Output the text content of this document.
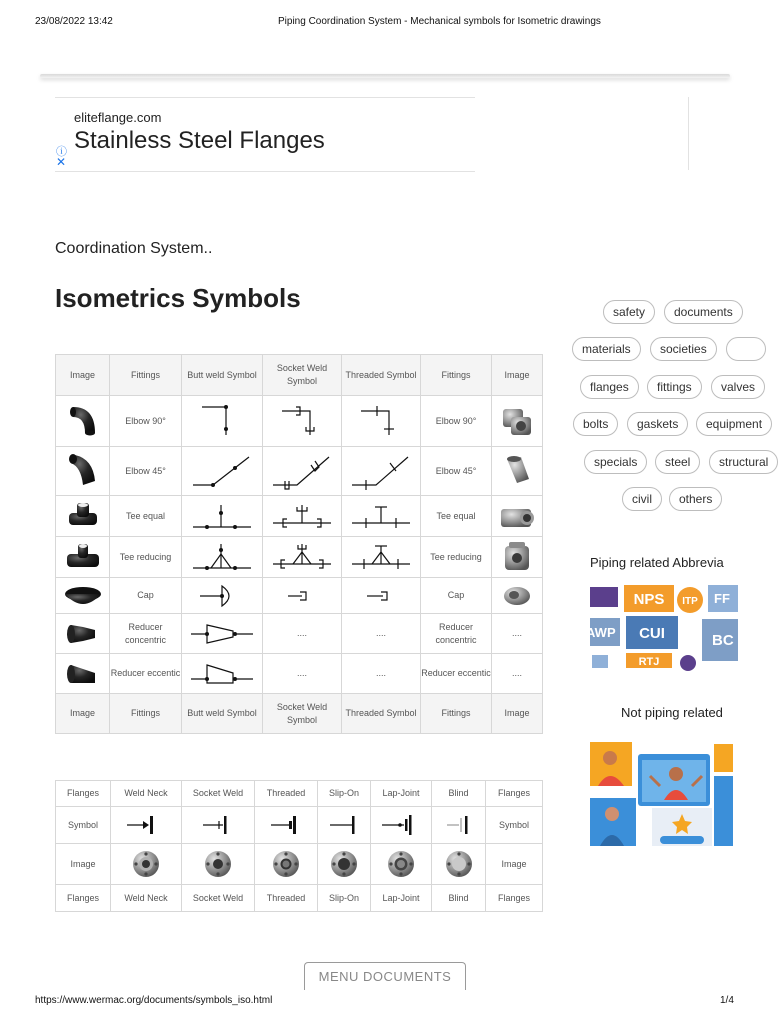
23/08/2022 13:42	Piping Coordination System - Mechanical symbols for Isometric drawings
https://www.wermac.org/documents/symbols_iso.html	1/4
eliteflange.com
Stainless Steel Flanges
ⓘ
✕
Coordination System..
Isometrics Symbols
Image	Fittings	Butt weld Symbol	Socket Weld Symbol	Threaded Symbol	Fittings	Image

	Elbow 90°				Elbow 90°	

	Elbow 45°				Elbow 45°	

	Tee equal				Tee equal	

	Tee reducing				Tee reducing	

	Cap				Cap	

	Reducer concentric		....	....	Reducer concentric	....

	Reducer eccentic		....	....	Reducer eccentic	....
Image	Fittings	Butt weld Symbol	Socket Weld Symbol	Threaded Symbol	Fittings	Image
Flanges	Weld Neck	Socket Weld	Threaded	Slip-On	Lap-Joint	Blind	Flanges
Symbol							Symbol
Image							Image
Flanges	Weld Neck	Socket Weld	Threaded	Slip-On	Lap-Joint	Blind	Flanges
safety	documents
materials	societies
flanges	fittings	valves
bolts	gaskets	equipment
specials	steel	structural
civil	others
Piping related Abbrevia
Not piping related
NPS ITP FF
AWP CUI	BC
RTJ
MENU DOCUMENTS
